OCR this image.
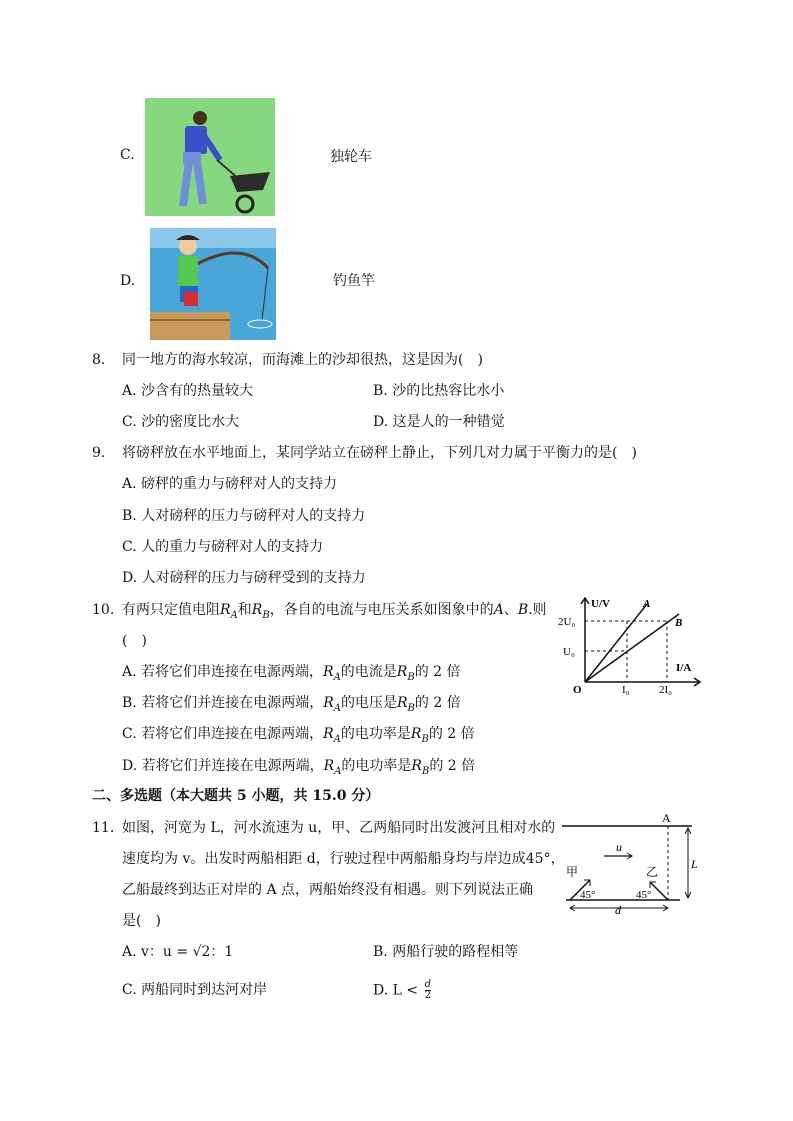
C.	独轮车
D.	钓鱼竿
8. 同一地方的海水较凉，而海滩上的沙却很热，这是因为(　)
A. 沙含有的热量较大	B. 沙的比热容比水小
C. 沙的密度比水大	D. 这是人的一种错觉
9. 将磅秤放在水平地面上，某同学站立在磅秤上静止，下列几对力属于平衡力的是(　)
A. 磅秤的重力与磅秤对人的支持力
B. 人对磅秤的压力与磅秤对人的支持力
C. 人的重力与磅秤对人的支持力
D. 人对磅秤的压力与磅秤受到的支持力
10. 有两只定值电阻$R_A$和$R_B$，各自的电流与电压关系如图象中的A、B.则
(　)
A. 若将它们串连接在电源两端，$R_A$的电流是$R_B$的 2 倍
B. 若将它们并连接在电源两端，$R_A$的电压是$R_B$的 2 倍
C. 若将它们串连接在电源两端，$R_A$的电功率是$R_B$的 2 倍
D. 若将它们并连接在电源两端，$R_A$的电功率是$R_B$的 2 倍
U/V
2U₀
U₀
O	I₀	2I₀
I/A
A
B
二、多选题（本大题共 5 小题，共 15.0 分）
11. 如图，河宽为 L，河水流速为 u，甲、乙两船同时出发渡河且相对水的
速度均为 v。出发时两船相距 d，行驶过程中两船船身均与岸边成45°，
乙船最终到达正对岸的 A 点，两船始终没有相遇。则下列说法正确
是(　)
A. v：u = √2：1	B. 两船行驶的路程相等
C. 两船同时到达河对岸	D. $L < \frac{d}{2}$
A
L
u
甲	乙
45°	45°
d
